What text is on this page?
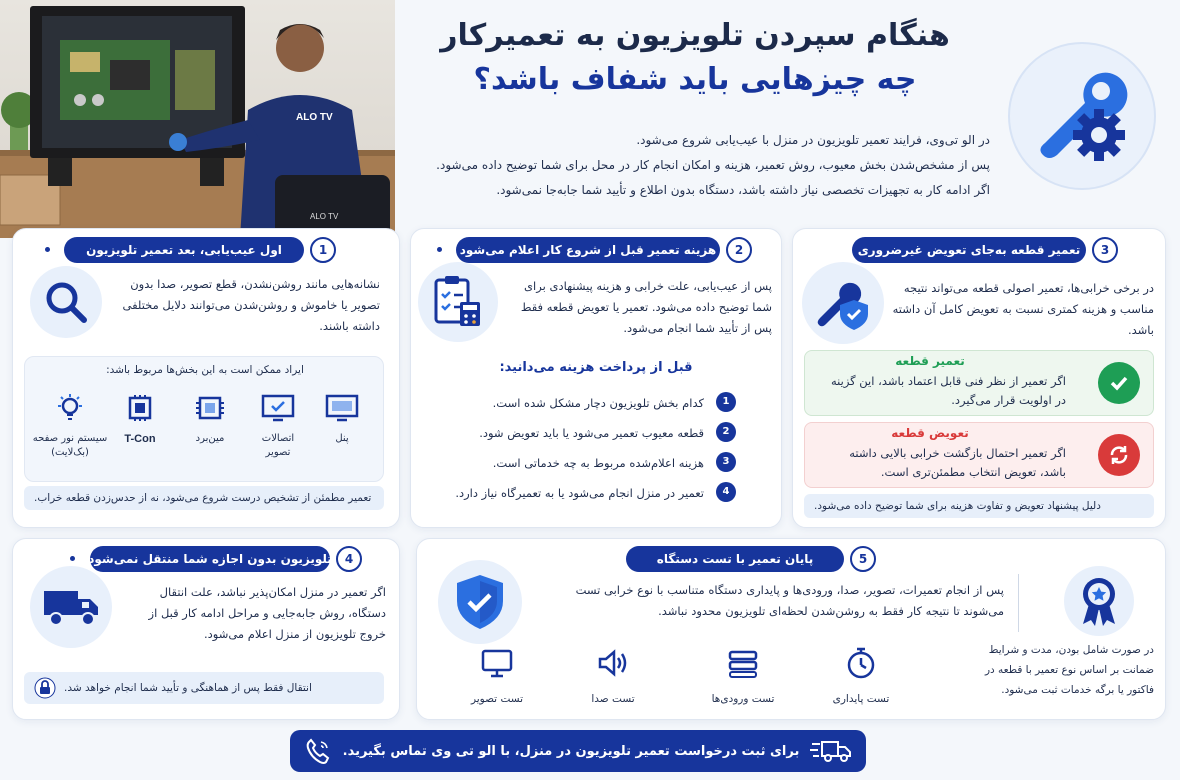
ALO TV
ALO TV
هنگام سپردن تلویزیون به تعمیرکار
چه چیزهایی باید شفاف باشد؟
در الو تی‌وی، فرایند تعمیر تلویزیون در منزل با عیب‌یابی شروع می‌شود.
پس از مشخص‌شدن بخش معیوب، روش تعمیر، هزینه و امکان انجام کار در محل برای شما توضیح داده می‌شود.
اگر ادامه کار به تجهیزات تخصصی نیاز داشته باشد، دستگاه بدون اطلاع و تأیید شما جابه‌جا نمی‌شود.
1
اول عیب‌یابی، بعد تعمیر تلویزیون
نشانه‌هایی مانند روشن‌نشدن، قطع تصویر، صدا بدون تصویر یا خاموش و روشن‌شدن می‌توانند دلایل مختلفی داشته باشند.
ایراد ممکن است به این بخش‌ها مربوط باشد:
پنل
اتصالات تصویر
مین‌برد
T-Con
سیستم نور صفحه (بک‌لایت)
تعمیر مطمئن از تشخیص درست شروع می‌شود، نه از حدس‌زدن قطعه خراب.
2
هزینه تعمیر قبل از شروع کار اعلام می‌شود
پس از عیب‌یابی، علت خرابی و هزینه پیشنهادی برای شما توضیح داده می‌شود. تعمیر یا تعویض قطعه فقط پس از تأیید شما انجام می‌شود.
قبل از پرداخت هزینه می‌دانید:
1
کدام بخش تلویزیون دچار مشکل شده است.
2
قطعه معیوب تعمیر می‌شود یا باید تعویض شود.
3
هزینه اعلام‌شده مربوط به چه خدماتی است.
4
تعمیر در منزل انجام می‌شود یا به تعمیرگاه نیاز دارد.
3
تعمیر قطعه به‌جای تعویض غیرضروری
در برخی خرابی‌ها، تعمیر اصولی قطعه می‌تواند نتیجه مناسب و هزینه کمتری نسبت به تعویض کامل آن داشته باشد.
تعمیر قطعه
اگر تعمیر از نظر فنی قابل اعتماد باشد، این گزینه در اولویت قرار می‌گیرد.
تعویض قطعه
اگر تعمیر احتمال بازگشت خرابی بالایی داشته باشد، تعویض انتخاب مطمئن‌تری است.
دلیل پیشنهاد تعویض و تفاوت هزینه برای شما توضیح داده می‌شود.
4
تلویزیون بدون اجازه شما منتقل نمی‌شود
اگر تعمیر در منزل امکان‌پذیر نباشد، علت انتقال دستگاه، روش جابه‌جایی و مراحل ادامه کار قبل از خروج تلویزیون از منزل اعلام می‌شود.
انتقال فقط پس از هماهنگی و تأیید شما انجام خواهد شد.
5
پایان تعمیر با تست دستگاه
پس از انجام تعمیرات، تصویر، صدا، ورودی‌ها و پایداری دستگاه متناسب با نوع خرابی تست می‌شوند تا نتیجه کار فقط به روشن‌شدن لحظه‌ای تلویزیون محدود نباشد.
در صورت شامل بودن، مدت و شرایط ضمانت بر اساس نوع تعمیر با قطعه در فاکتور یا برگه خدمات ثبت می‌شود.
تست پایداری
تست ورودی‌ها
تست صدا
تست تصویر
برای ثبت درخواست تعمیر تلویزیون در منزل، با الو تی وی تماس بگیرید.
